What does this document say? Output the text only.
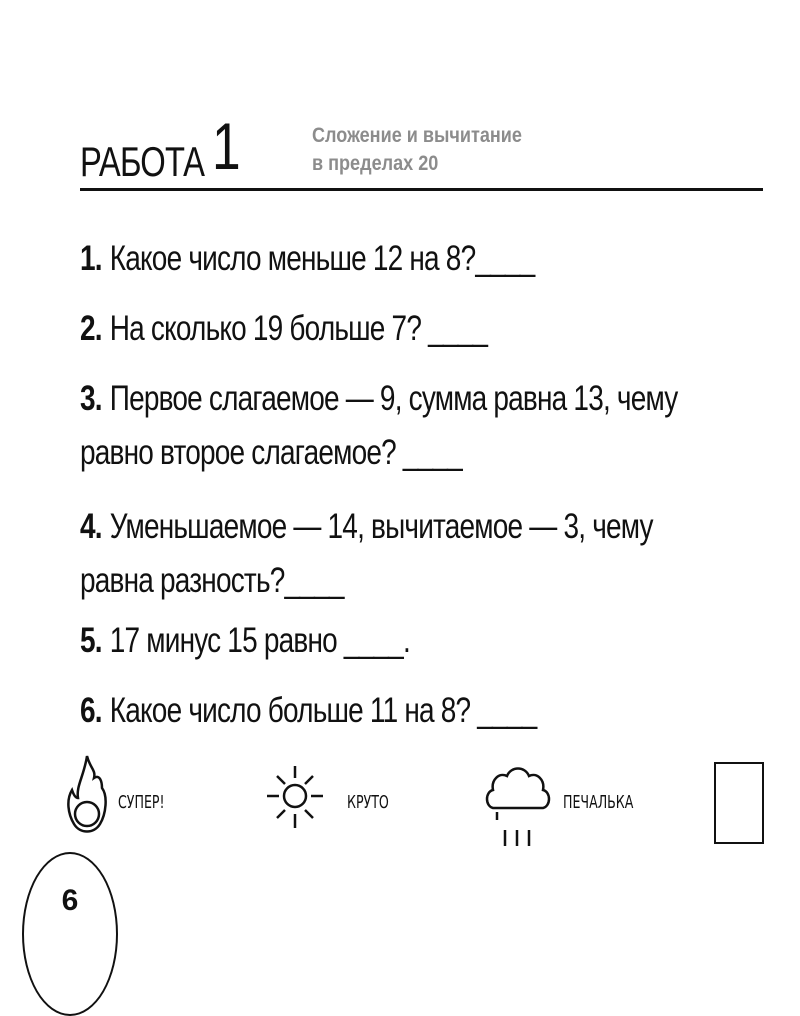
РАБОТА 1	Сложение и вычитание
в пределах 20
1. Какое число меньше 12 на 8?____
2. На сколько 19 больше 7? ____
3. Первое слагаемое — 9, сумма равна 13, чему равно второе слагаемое? ____
4. Уменьшаемое — 14, вычитаемое — 3, чему равна разность?____
5. 17 минус 15 равно ____.
6. Какое число больше 11 на 8? ____
СУПЕР!	КРУТО	ПЕЧАЛЬКА
6
